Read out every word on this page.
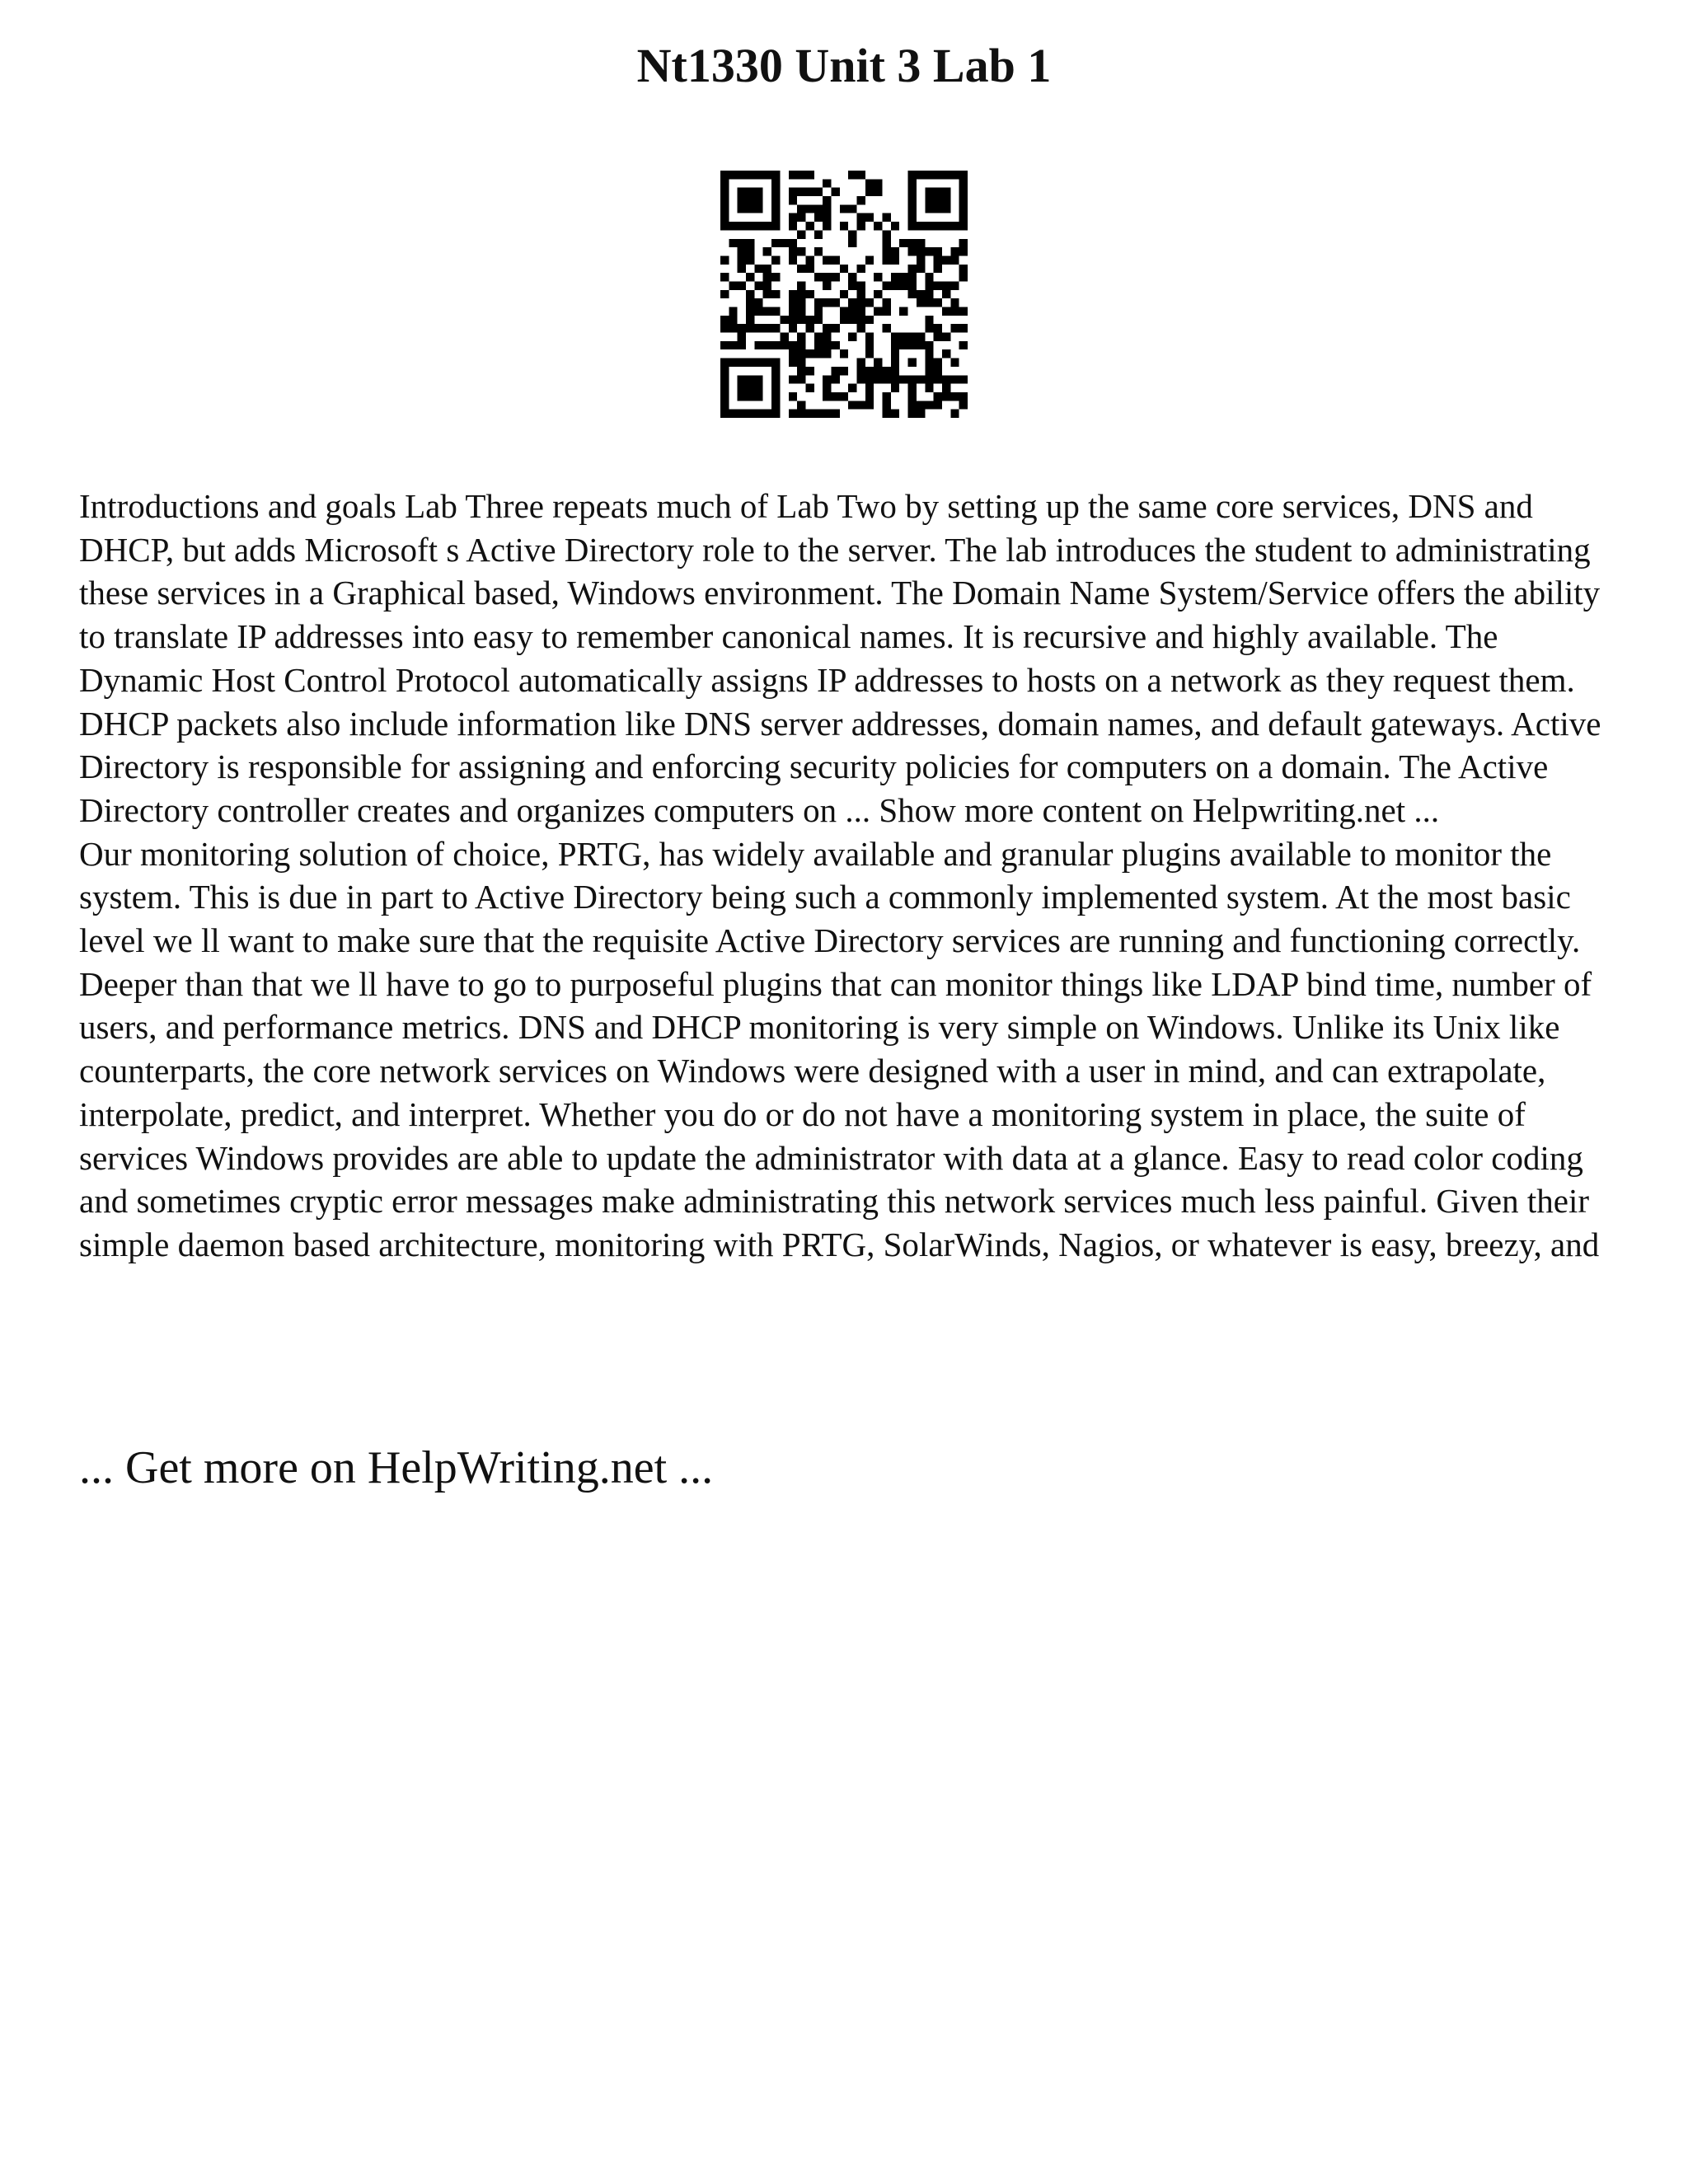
Nt1330 Unit 3 Lab 1

Introductions and goals Lab Three repeats much of Lab Two by setting up the same core services, DNS and DHCP, but adds Microsoft s Active Directory role to the server. The lab introduces the student to administrating these services in a Graphical based, Windows environment. The Domain Name System/Service offers the ability to translate IP addresses into easy to remember canonical names. It is recursive and highly available. The Dynamic Host Control Protocol automatically assigns IP addresses to hosts on a network as they request them. DHCP packets also include information like DNS server addresses, domain names, and default gateways. Active Directory is responsible for assigning and enforcing security policies for computers on a domain. The Active Directory controller creates and organizes computers on ... Show more content on Helpwriting.net ...

Our monitoring solution of choice, PRTG, has widely available and granular plugins available to monitor the system. This is due in part to Active Directory being such a commonly implemented system. At the most basic level we ll want to make sure that the requisite Active Directory services are running and functioning correctly. Deeper than that we ll have to go to purposeful plugins that can monitor things like LDAP bind time, number of users, and performance metrics. DNS and DHCP monitoring is very simple on Windows. Unlike its Unix like counterparts, the core network services on Windows were designed with a user in mind, and can extrapolate, interpolate, predict, and interpret. Whether you do or do not have a monitoring system in place, the suite of services Windows provides are able to update the administrator with data at a glance. Easy to read color coding and sometimes cryptic error messages make administrating this network services much less painful. Given their simple daemon based architecture, monitoring with PRTG, SolarWinds, Nagios, or whatever is easy, breezy, and

... Get more on HelpWriting.net ...
